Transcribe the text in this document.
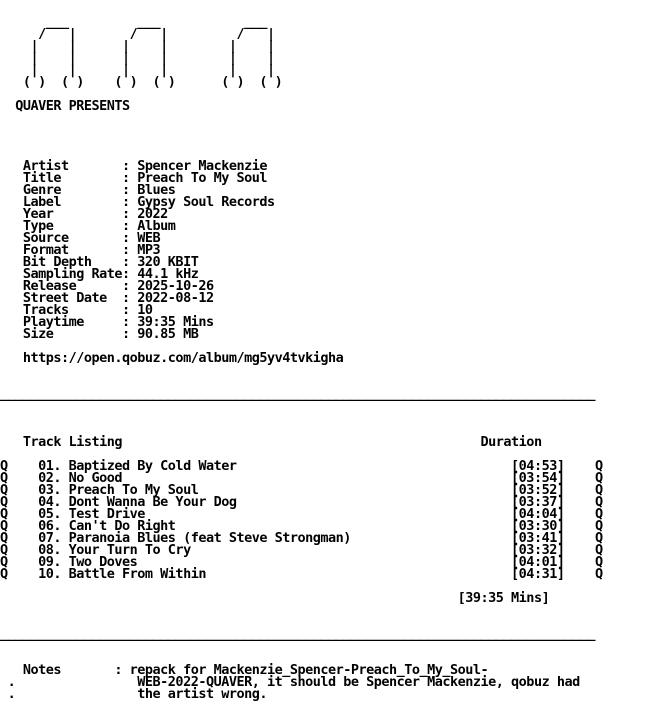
___         ___           ___
/   |       /   |         /   |
|    |      |    |        |    |
|    |      |    |        |    |
|    |      |    |        |    |
( )  ( )    ( )  ( )      ( )  ( )

QUAVER PRESENTS

Artist       : Spencer Mackenzie
Title        : Preach To My Soul
Genre        : Blues
Label        : Gypsy Soul Records
Year         : 2022
Type         : Album
Source       : WEB
Format       : MP3
Bit Depth    : 320 KBIT
Sampling Rate: 44.1 kHz
Release      : 2025-10-26
Street Date  : 2022-08-12
Tracks       : 10
Playtime     : 39:35 Mins
Size         : 90.85 MB

https://open.qobuz.com/album/mg5yv4tvkigha

______________________________________________________________________________

Track Listing                                               Duration

Q    01. Baptized By Cold Water                                    [04:53]    Q
Q    02. No Good                                                   [03:54]    Q
Q    03. Preach To My Soul                                         [03:52]    Q
Q    04. Dont Wanna Be Your Dog                                    [03:37]    Q
Q    05. Test Drive                                                [04:04]    Q
Q    06. Can't Do Right                                            [03:30]    Q
Q    07. Paranoia Blues (feat Steve Strongman)                     [03:41]    Q
Q    08. Your Turn To Cry                                          [03:32]    Q
Q    09. Two Doves                                                 [04:01]    Q
Q    10. Battle From Within                                        [04:31]    Q

[39:35 Mins]

______________________________________________________________________________

Notes       : repack for Mackenzie_Spencer-Preach_To_My_Soul-
.                WEB-2022-QUAVER, it should be Spencer Mackenzie, qobuz had
.                the artist wrong.
